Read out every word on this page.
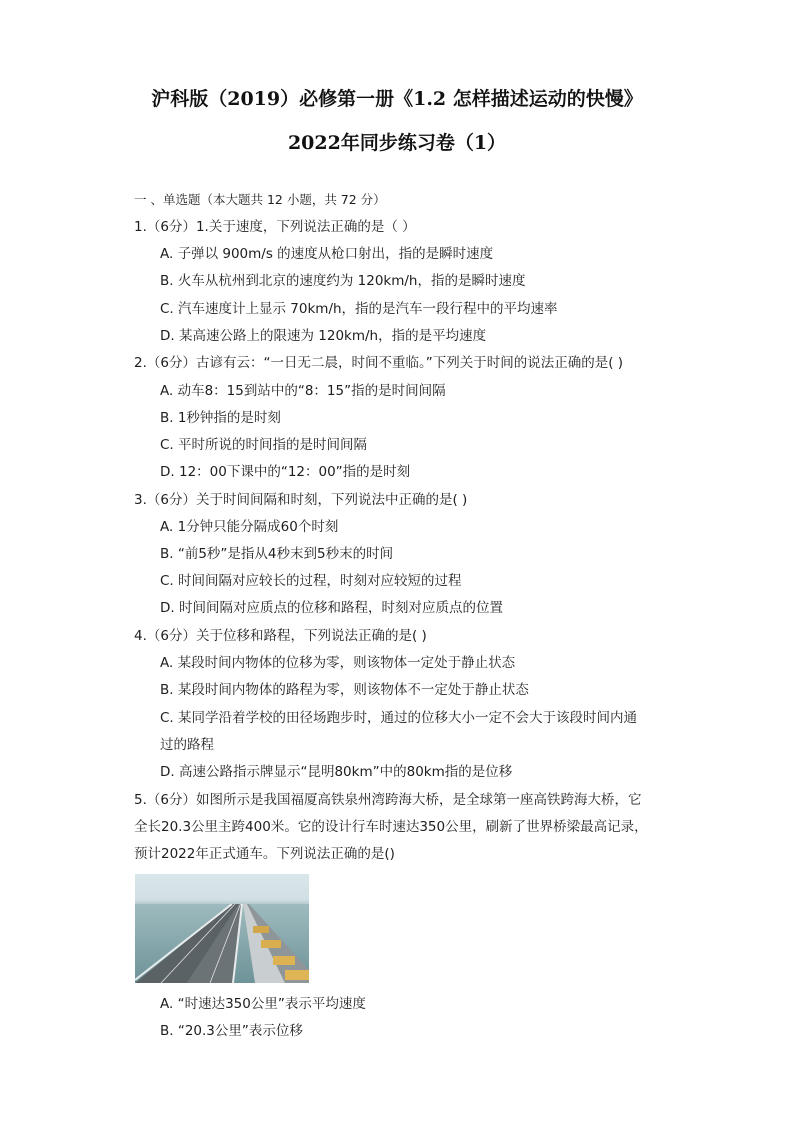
沪科版（2019）必修第一册《1.2 怎样描述运动的快慢》
2022年同步练习卷（1）
一 、单选题（本大题共 12 小题，共 72 分）
1.（6分）1.关于速度，下列说法正确的是（ ）
A. 子弹以 900m/s 的速度从枪口射出，指的是瞬时速度
B. 火车从杭州到北京的速度约为 120km/h，指的是瞬时速度
C. 汽车速度计上显示 70km/h，指的是汽车一段行程中的平均速率
D. 某高速公路上的限速为 120km/h，指的是平均速度
2.（6分）古谚有云：“一日无二晨，时间不重临。”下列关于时间的说法正确的是( )
A. 动车8：15到站中的“8：15”指的是时间间隔
B. 1秒钟指的是时刻
C. 平时所说的时间指的是时间间隔
D. 12：00下课中的“12：00”指的是时刻
3.（6分）关于时间间隔和时刻，下列说法中正确的是( )
A. 1分钟只能分隔成60个时刻
B. “前5秒”是指从4秒末到5秒末的时间
C. 时间间隔对应较长的过程，时刻对应较短的过程
D. 时间间隔对应质点的位移和路程，时刻对应质点的位置
4.（6分）关于位移和路程，下列说法正确的是( )
A. 某段时间内物体的位移为零，则该物体一定处于静止状态
B. 某段时间内物体的路程为零，则该物体不一定处于静止状态
C. 某同学沿着学校的田径场跑步时，通过的位移大小一定不会大于该段时间内通
过的路程
D. 高速公路指示牌显示“昆明80km”中的80km指的是位移
5.（6分）如图所示是我国福厦高铁泉州湾跨海大桥，是全球第一座高铁跨海大桥，它
全长20.3公里主跨400米。它的设计行车时速达350公里，刷新了世界桥梁最高记录，
预计2022年正式通车。下列说法正确的是()
A. “时速达350公里”表示平均速度
B. “20.3公里”表示位移
